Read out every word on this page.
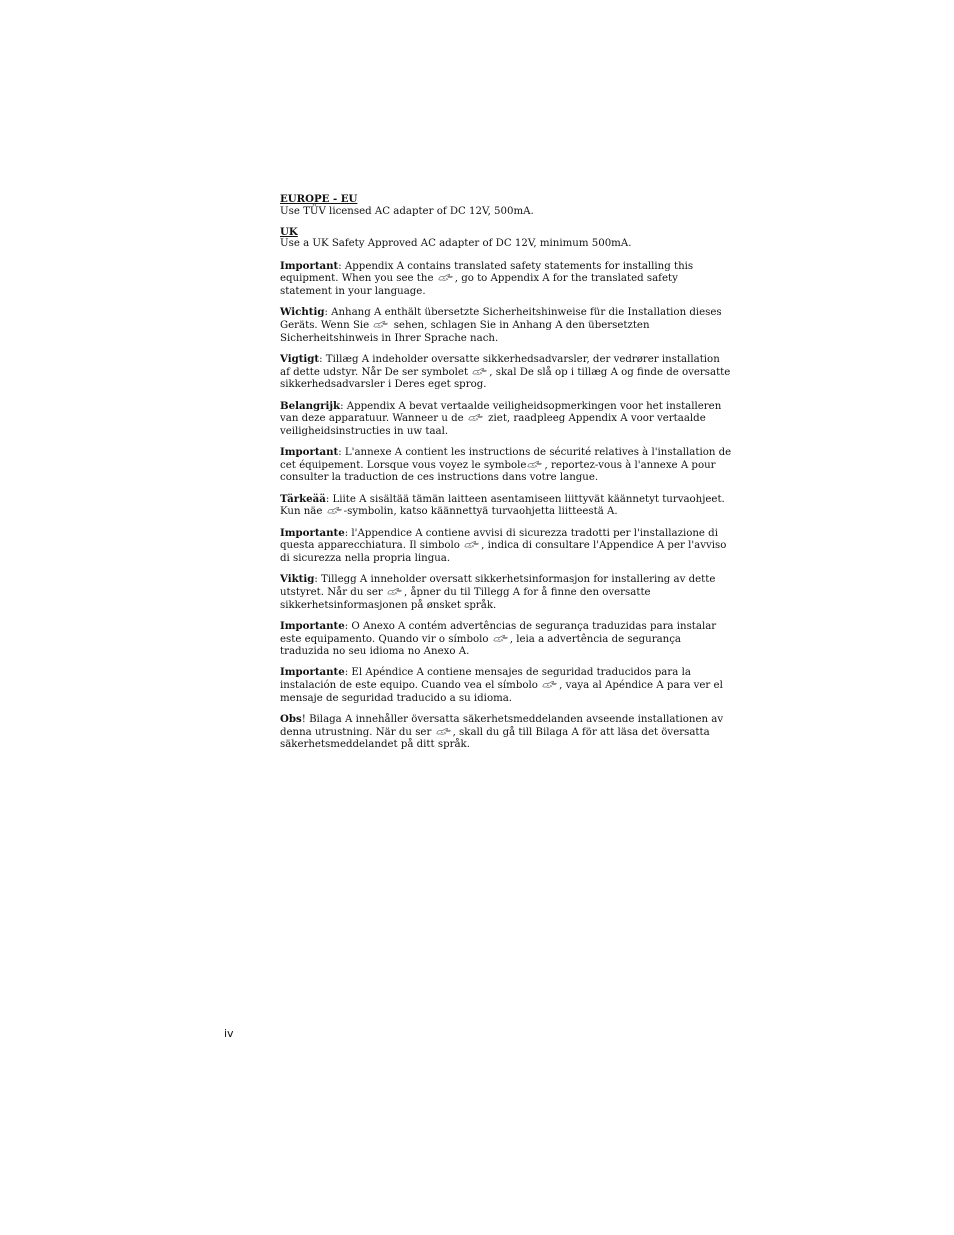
EUROPE - EU
Use TÜV licensed AC adapter of DC 12V, 500mA.
UK
Use a UK Safety Approved AC adapter of DC 12V, minimum 500mA.

Important: Appendix A contains translated safety statements for installing this equipment. When you see the
, go to Appendix A for the translated safety statement in your language.

Wichtig: Anhang A enthält übersetzte Sicherheitshinweise für die Installation dieses Geräts. Wenn Sie
sehen, schlagen Sie in Anhang A den übersetzten Sicherheitshinweis in Ihrer Sprache nach.

Vigtigt: Tillæg A indeholder oversatte sikkerhedsadvarsler, der vedrører installation af dette udstyr. Når De ser symbolet
, skal De slå op i tillæg A og finde de oversatte sikkerhedsadvarsler i Deres eget sprog.

Belangrijk: Appendix A bevat vertaalde veiligheidsopmerkingen voor het installeren van deze apparatuur. Wanneer u de
ziet, raadpleeg Appendix A voor vertaalde veiligheidsinstructies in uw taal.

Important: L'annexe A contient les instructions de sécurité relatives à l'installation de cet équipement. Lorsque vous voyez le symbole , reportez-vous à l'annexe A pour consulter la traduction de ces instructions dans votre langue.

Tärkeää: Liite A sisältää tämän laitteen asentamiseen liittyvät käännetyt turvaohjeet. Kun näe
-symbolin, katso käännettyä turvaohjetta liitteestä A.

Importante: l'Appendice A contiene avvisi di sicurezza tradotti per l'installazione di questa apparecchiatura. Il simbolo
, indica di consultare l'Appendice A per l'avviso di sicurezza nella propria lingua.

Viktig: Tillegg A inneholder oversatt sikkerhetsinformasjon for installering av dette utstyret. Når du ser
, åpner du til Tillegg A for å finne den oversatte sikkerhetsinformasjonen på ønsket språk.

Importante: O Anexo A contém advertências de segurança traduzidas para instalar este equipamento. Quando vir o símbolo
, leia a advertência de segurança traduzida no seu idioma no Anexo A.

Importante: El Apéndice A contiene mensajes de seguridad traducidos para la instalación de este equipo. Cuando vea el símbolo
, vaya al Apéndice A para ver el mensaje de seguridad traducido a su idioma.

Obs! Bilaga A innehåller översatta säkerhetsmeddelanden avseende installationen av denna utrustning. När du ser
, skall du gå till Bilaga A för att läsa det översatta säkerhetsmeddelandet på ditt språk.

iv
